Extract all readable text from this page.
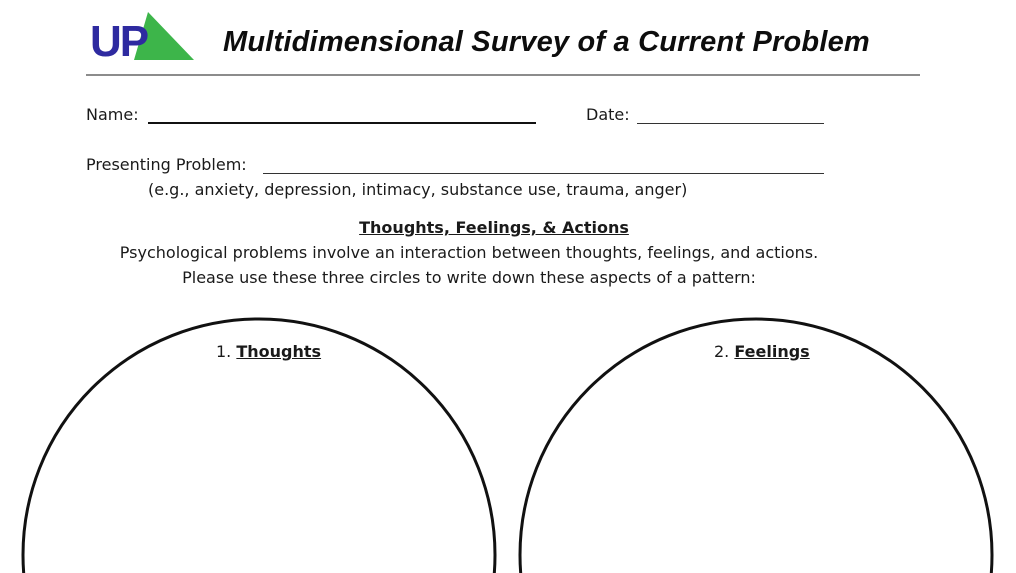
UP	Multidimensional Survey of a Current Problem
Name:	Date:
Presenting Problem:
(e.g., anxiety, depression, intimacy, substance use, trauma, anger)
Thoughts, Feelings, & Actions
Psychological problems involve an interaction between thoughts, feelings, and actions.
Please use these three circles to write down these aspects of a pattern:
1. Thoughts	2. Feelings
